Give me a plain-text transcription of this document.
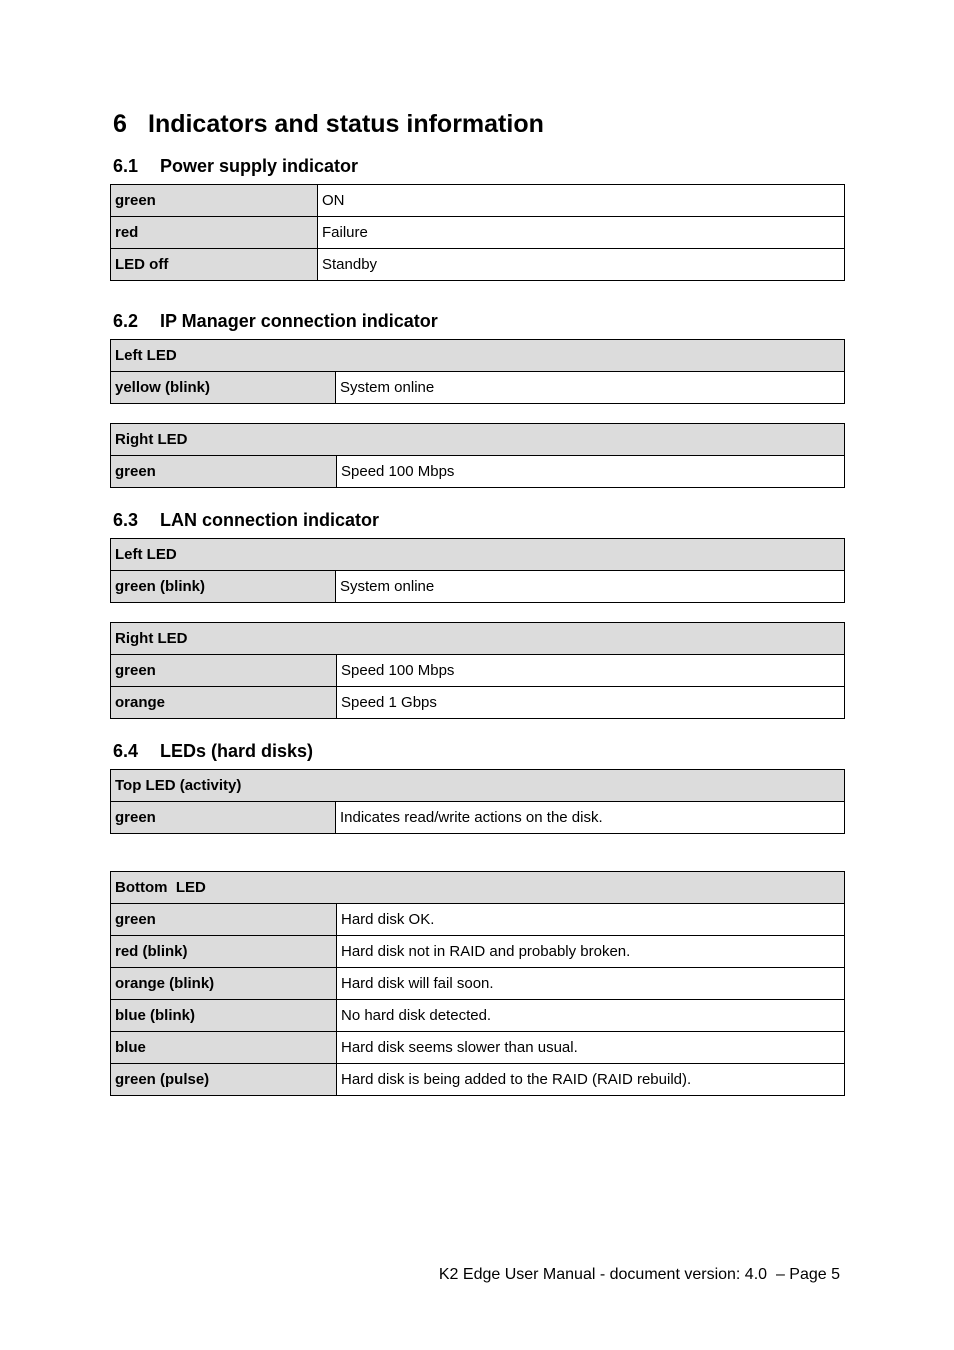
6 Indicators and status information
6.1 Power supply indicator
green	ON
red	Failure
LED off	Standby
6.2 IP Manager connection indicator
Left LED
yellow (blink)	System online
Right LED
green	Speed 100 Mbps
6.3 LAN connection indicator
Left LED
green (blink)	System online
Right LED	
green	Speed 100 Mbps
orange	Speed 1 Gbps
6.4 LEDs (hard disks)
Top LED (activity)
green	Indicates read/write actions on the disk.
Bottom  LED	
green	Hard disk OK.
red (blink)	Hard disk not in RAID and probably broken.
orange (blink)	Hard disk will fail soon.
blue (blink)	No hard disk detected.
blue	Hard disk seems slower than usual.
green (pulse)	Hard disk is being added to the RAID (RAID rebuild).
K2 Edge User Manual - document version: 4.0  – Page 5
